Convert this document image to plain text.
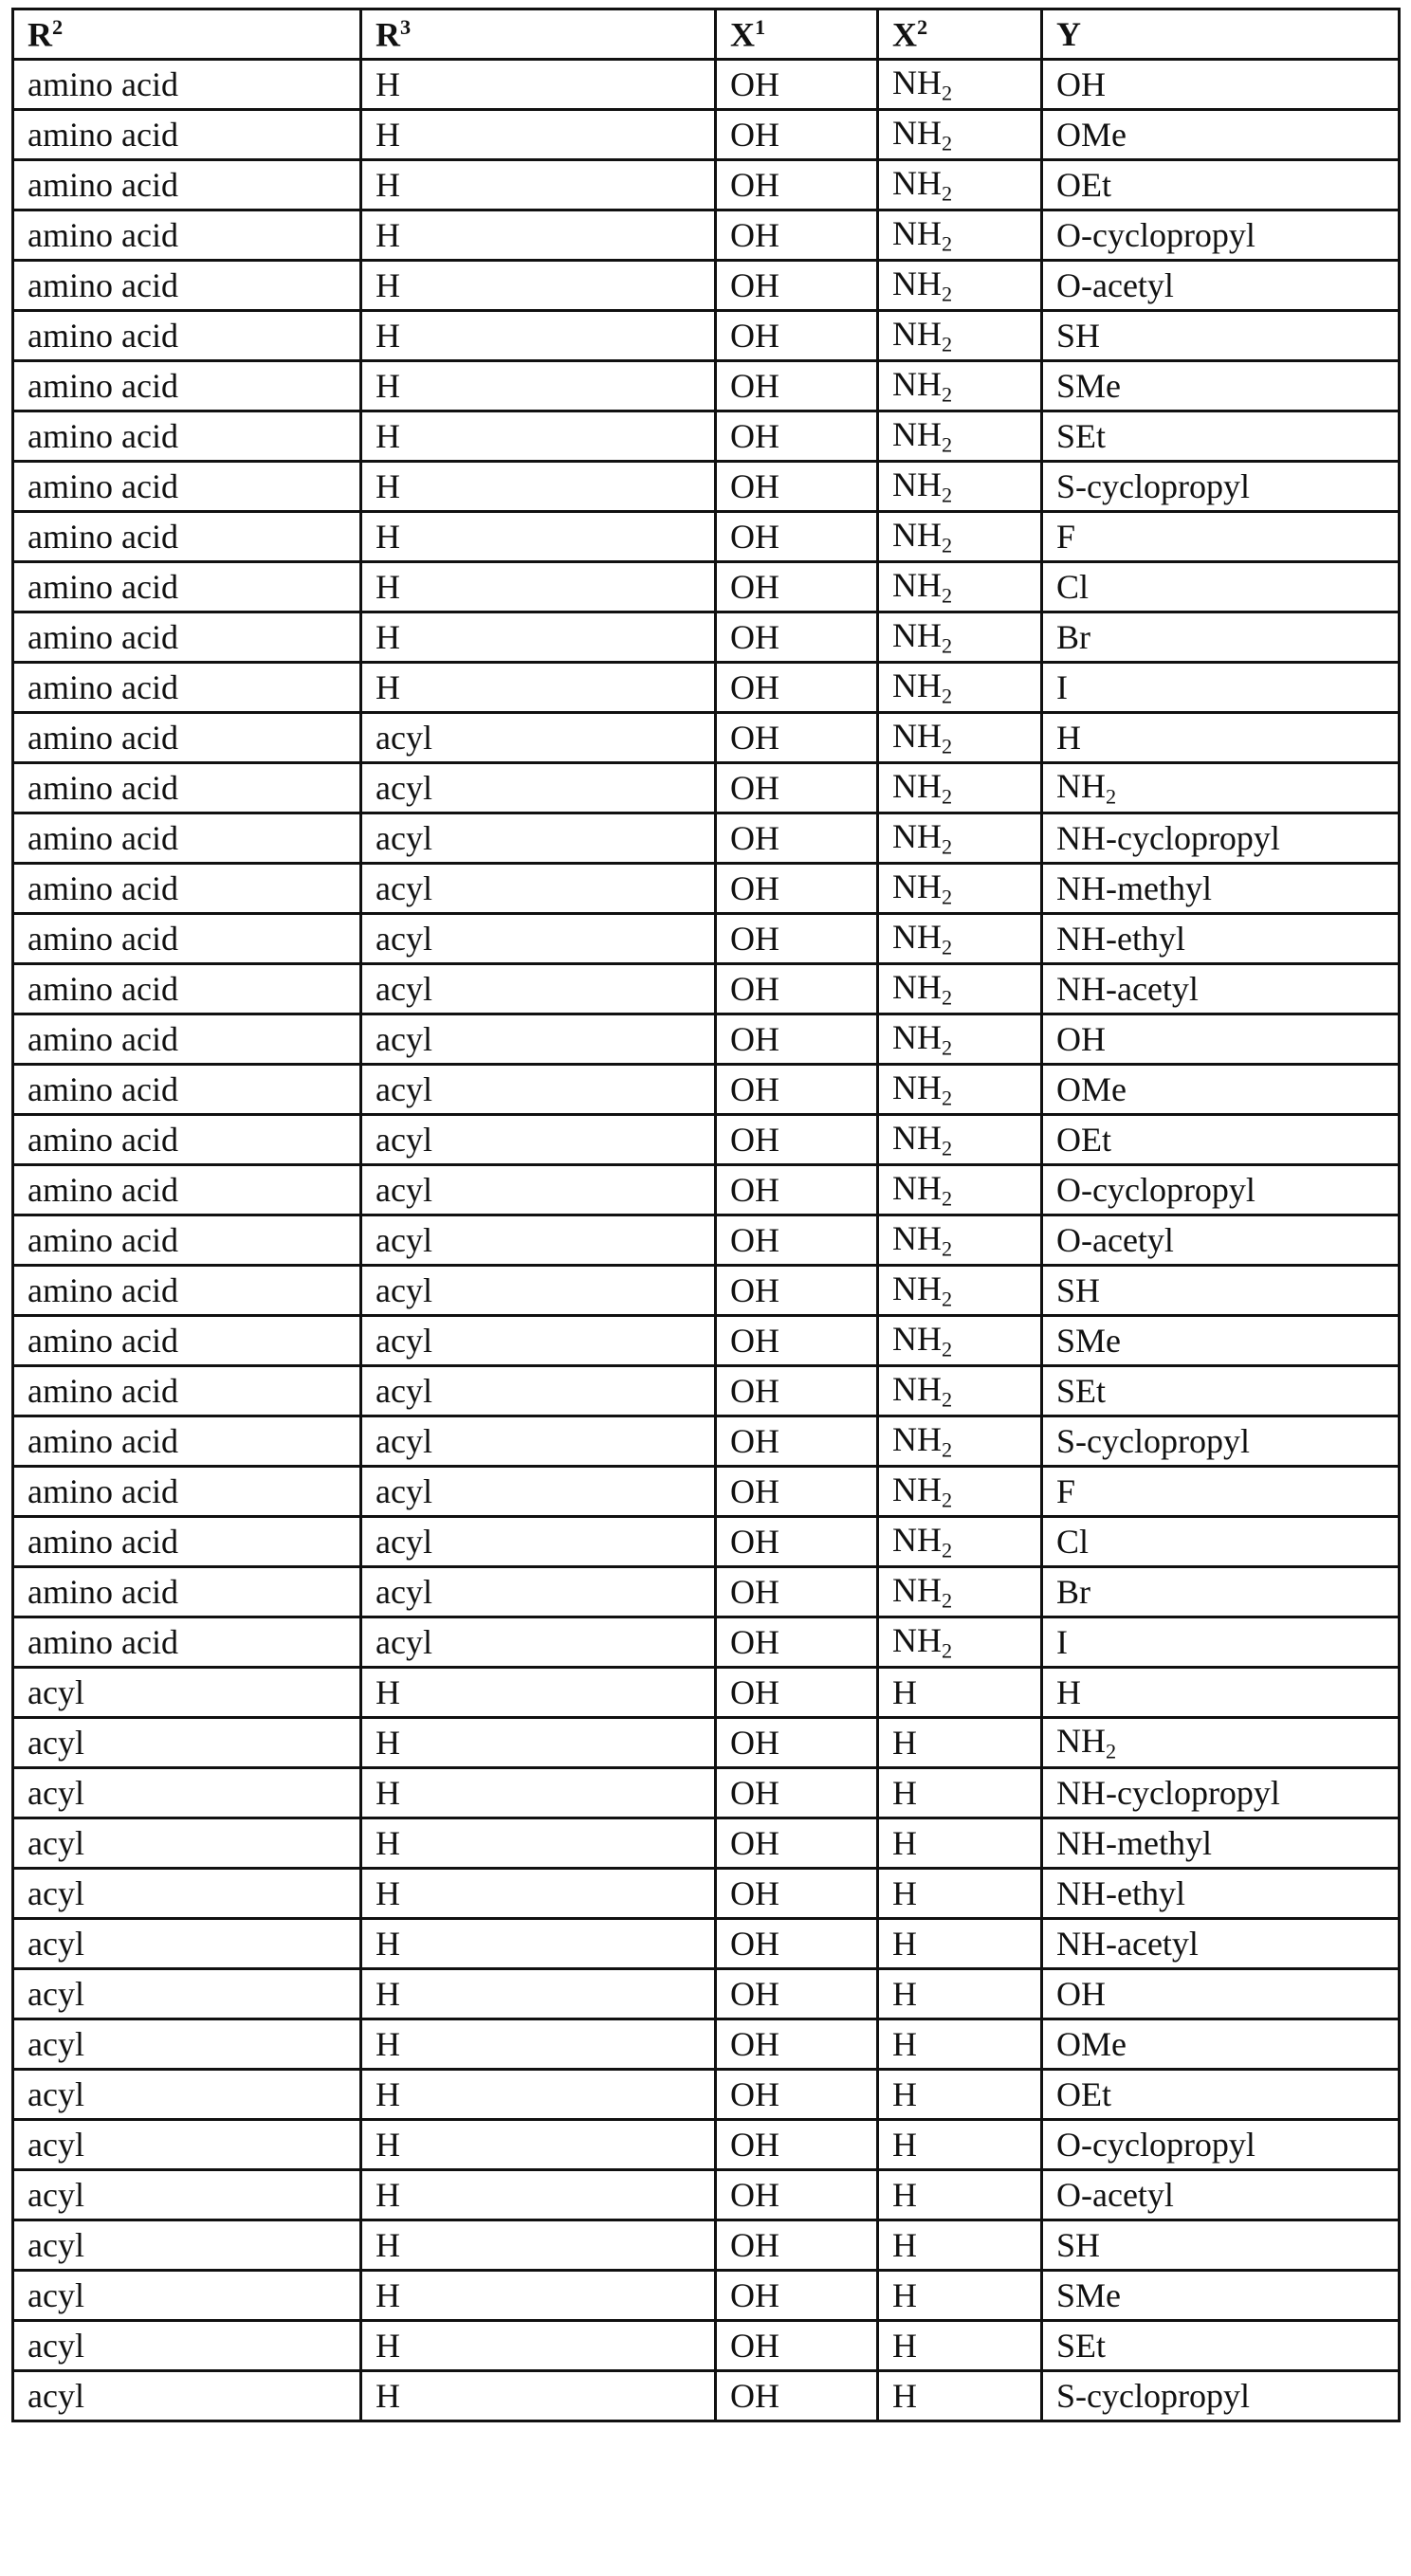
$R^2$	$R^3$	$X^1$	$X^2$	Y
amino acid	H	OH	$NH_2$	OH
amino acid	H	OH	$NH_2$	OMe
amino acid	H	OH	$NH_2$	OEt
amino acid	H	OH	$NH_2$	O-cyclopropyl
amino acid	H	OH	$NH_2$	O-acetyl
amino acid	H	OH	$NH_2$	SH
amino acid	H	OH	$NH_2$	SMe
amino acid	H	OH	$NH_2$	SEt
amino acid	H	OH	$NH_2$	S-cyclopropyl
amino acid	H	OH	$NH_2$	F
amino acid	H	OH	$NH_2$	Cl
amino acid	H	OH	$NH_2$	Br
amino acid	H	OH	$NH_2$	I
amino acid	acyl	OH	$NH_2$	H
amino acid	acyl	OH	$NH_2$	$NH_2$
amino acid	acyl	OH	$NH_2$	NH-cyclopropyl
amino acid	acyl	OH	$NH_2$	NH-methyl
amino acid	acyl	OH	$NH_2$	NH-ethyl
amino acid	acyl	OH	$NH_2$	NH-acetyl
amino acid	acyl	OH	$NH_2$	OH
amino acid	acyl	OH	$NH_2$	OMe
amino acid	acyl	OH	$NH_2$	OEt
amino acid	acyl	OH	$NH_2$	O-cyclopropyl
amino acid	acyl	OH	$NH_2$	O-acetyl
amino acid	acyl	OH	$NH_2$	SH
amino acid	acyl	OH	$NH_2$	SMe
amino acid	acyl	OH	$NH_2$	SEt
amino acid	acyl	OH	$NH_2$	S-cyclopropyl
amino acid	acyl	OH	$NH_2$	F
amino acid	acyl	OH	$NH_2$	Cl
amino acid	acyl	OH	$NH_2$	Br
amino acid	acyl	OH	$NH_2$	I
acyl	H	OH	H	H
acyl	H	OH	H	$NH_2$
acyl	H	OH	H	NH-cyclopropyl
acyl	H	OH	H	NH-methyl
acyl	H	OH	H	NH-ethyl
acyl	H	OH	H	NH-acetyl
acyl	H	OH	H	OH
acyl	H	OH	H	OMe
acyl	H	OH	H	OEt
acyl	H	OH	H	O-cyclopropyl
acyl	H	OH	H	O-acetyl
acyl	H	OH	H	SH
acyl	H	OH	H	SMe
acyl	H	OH	H	SEt
acyl	H	OH	H	S-cyclopropyl
